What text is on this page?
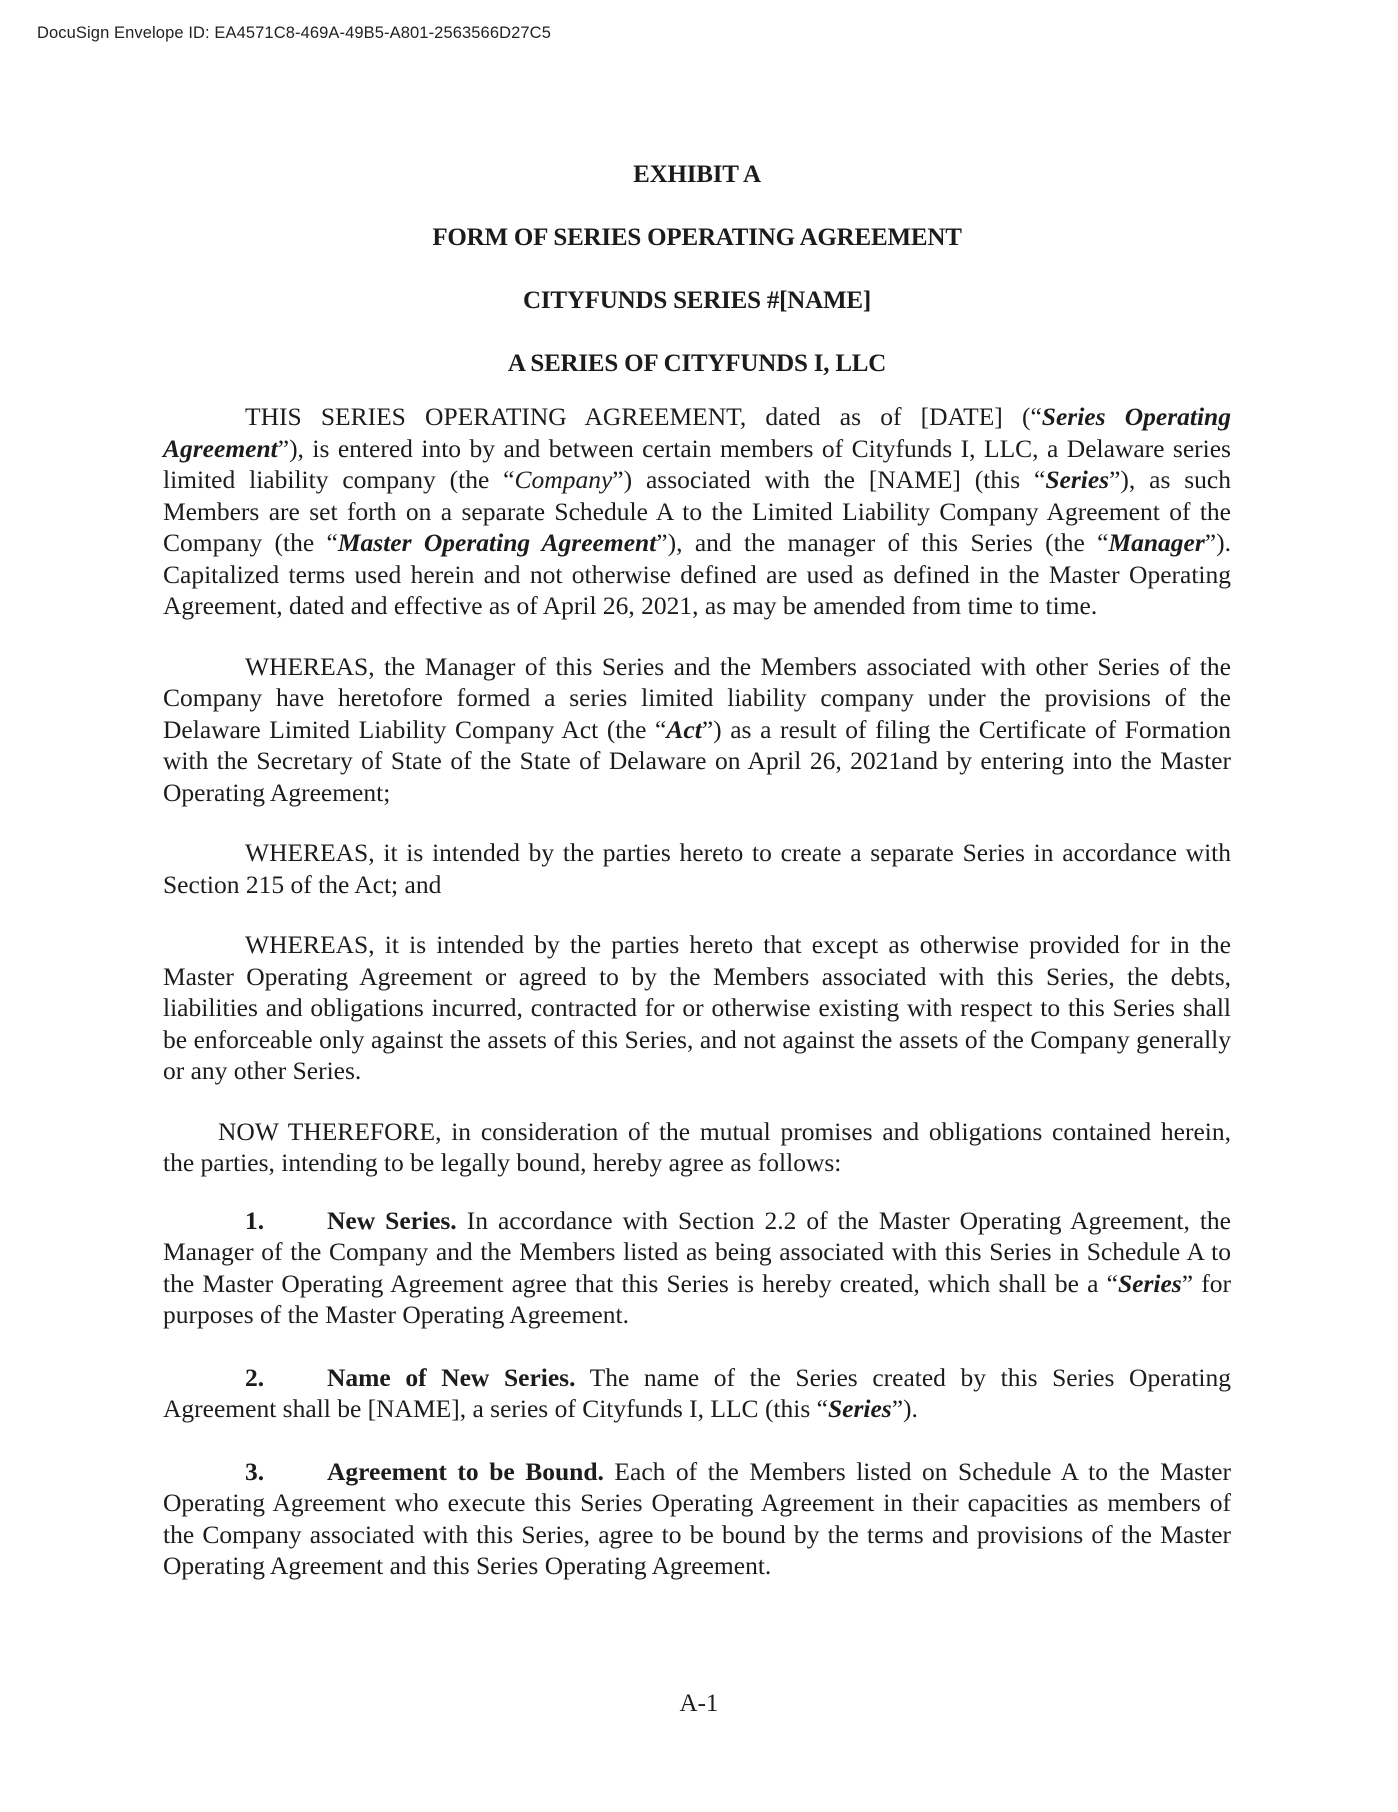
DocuSign Envelope ID: EA4571C8-469A-49B5-A801-2563566D27C5

EXHIBIT A

FORM OF SERIES OPERATING AGREEMENT

CITYFUNDS SERIES #[NAME]

A SERIES OF CITYFUNDS I, LLC

THIS SERIES OPERATING AGREEMENT, dated as of [DATE] (“Series Operating Agreement”), is entered into by and between certain members of Cityfunds I, LLC, a Delaware series limited liability company (the “Company”) associated with the [NAME] (this “Series”), as such Members are set forth on a separate Schedule A to the Limited Liability Company Agreement of the Company (the “Master Operating Agreement”), and the manager of this Series (the “Manager”). Capitalized terms used herein and not otherwise defined are used as defined in the Master Operating Agreement, dated and effective as of April 26, 2021, as may be amended from time to time.

WHEREAS, the Manager of this Series and the Members associated with other Series of the Company have heretofore formed a series limited liability company under the provisions of the Delaware Limited Liability Company Act (the “Act”) as a result of filing the Certificate of Formation with the Secretary of State of the State of Delaware on April 26, 2021and by entering into the Master Operating Agreement;

WHEREAS, it is intended by the parties hereto to create a separate Series in accordance with Section 215 of the Act; and

WHEREAS, it is intended by the parties hereto that except as otherwise provided for in the Master Operating Agreement or agreed to by the Members associated with this Series, the debts, liabilities and obligations incurred, contracted for or otherwise existing with respect to this Series shall be enforceable only against the assets of this Series, and not against the assets of the Company generally or any other Series.

NOW THEREFORE, in consideration of the mutual promises and obligations contained herein, the parties, intending to be legally bound, hereby agree as follows:

1. New Series. In accordance with Section 2.2 of the Master Operating Agreement, the Manager of the Company and the Members listed as being associated with this Series in Schedule A to the Master Operating Agreement agree that this Series is hereby created, which shall be a “Series” for purposes of the Master Operating Agreement.

2. Name of New Series. The name of the Series created by this Series Operating Agreement shall be [NAME], a series of Cityfunds I, LLC (this “Series”).

3. Agreement to be Bound. Each of the Members listed on Schedule A to the Master Operating Agreement who execute this Series Operating Agreement in their capacities as members of the Company associated with this Series, agree to be bound by the terms and provisions of the Master Operating Agreement and this Series Operating Agreement.

A-1
